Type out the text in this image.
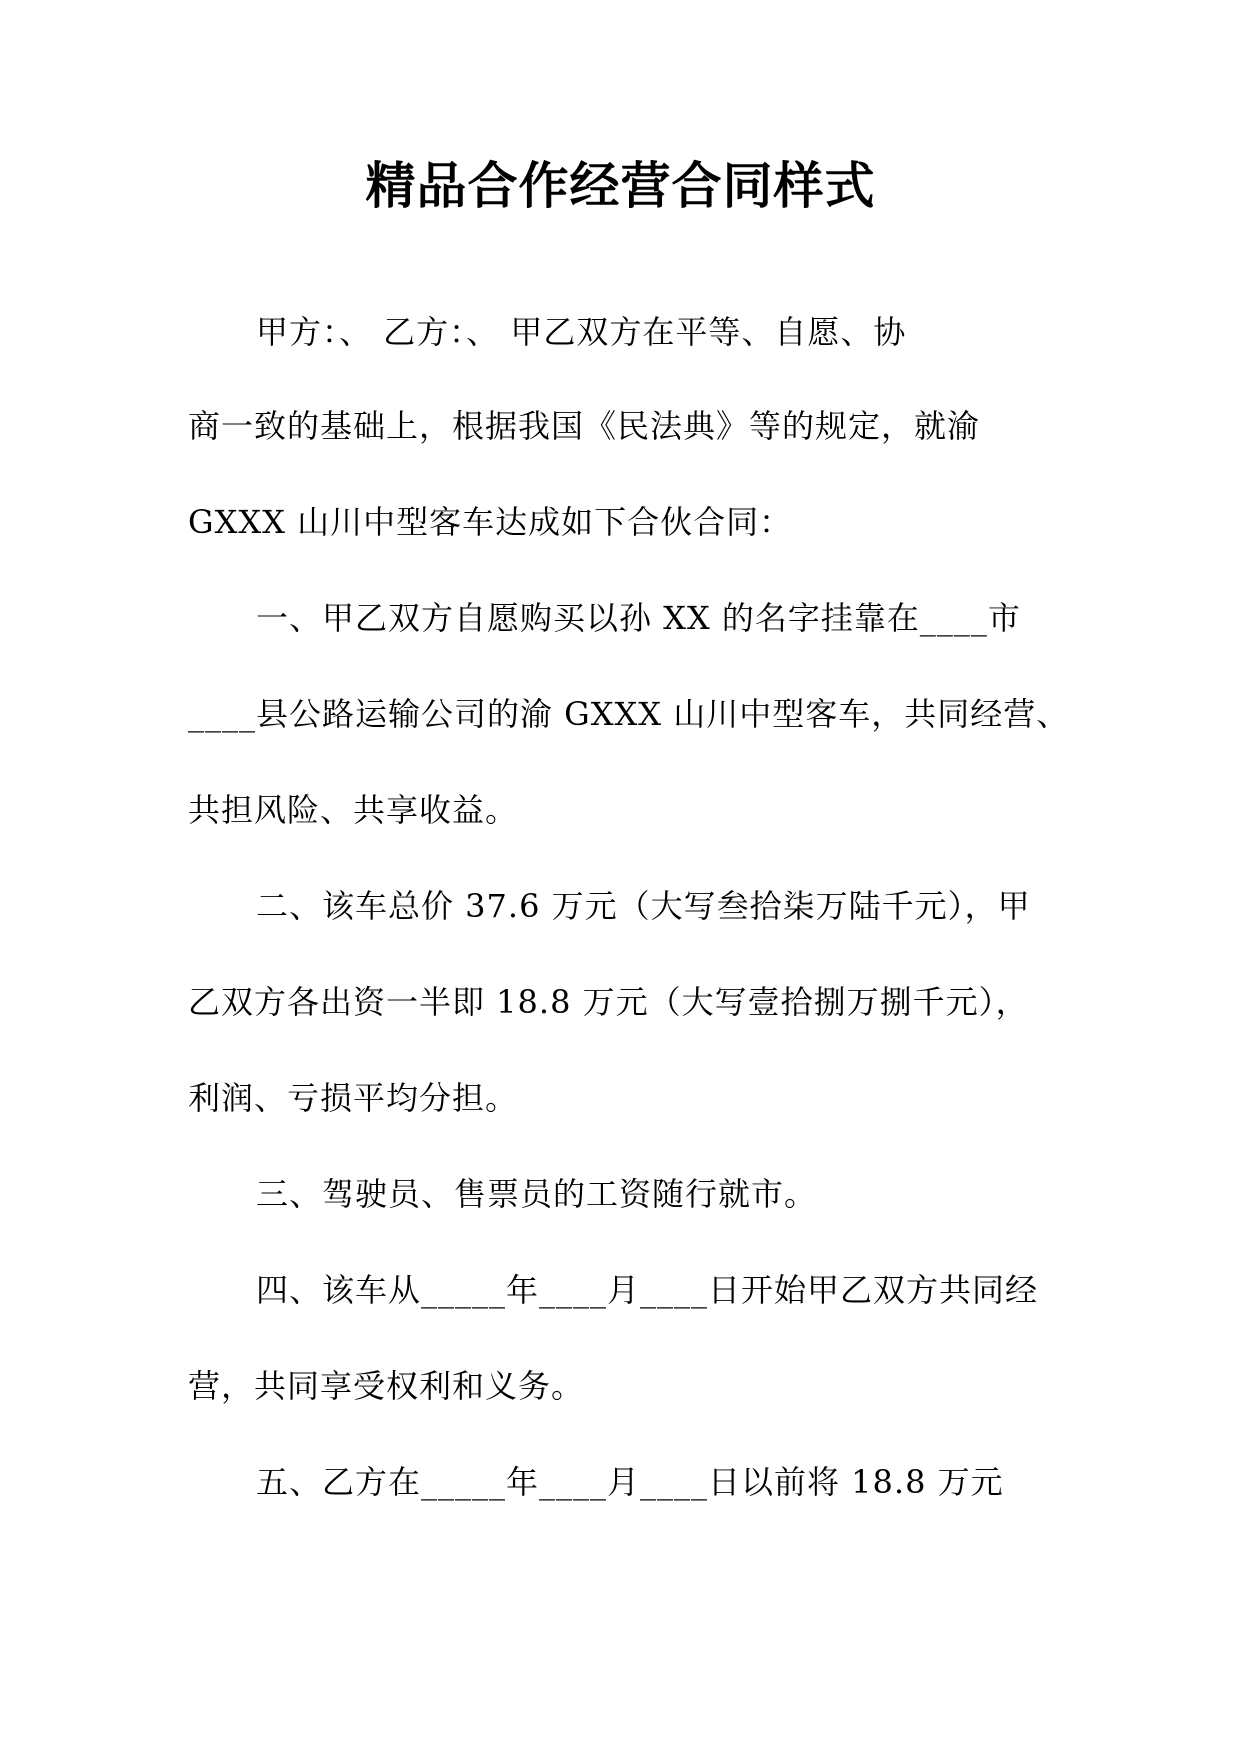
精品合作经营合同样式
甲方：、 乙方：、 甲乙双方在平等、自愿、协
商一致的基础上，根据我国《民法典》等的规定，就渝
GXXX 山川中型客车达成如下合伙合同：
一、甲乙双方自愿购买以孙 XX 的名字挂靠在____市
____县公路运输公司的渝 GXXX 山川中型客车，共同经营、
共担风险、共享收益。
二、该车总价 37.6 万元（大写叁拾柒万陆千元），甲
乙双方各出资一半即 18.8 万元（大写壹拾捌万捌千元），
利润、亏损平均分担。
三、驾驶员、售票员的工资随行就市。
四、该车从_____年____月____日开始甲乙双方共同经
营，共同享受权利和义务。
五、乙方在_____年____月____日以前将 18.8 万元
